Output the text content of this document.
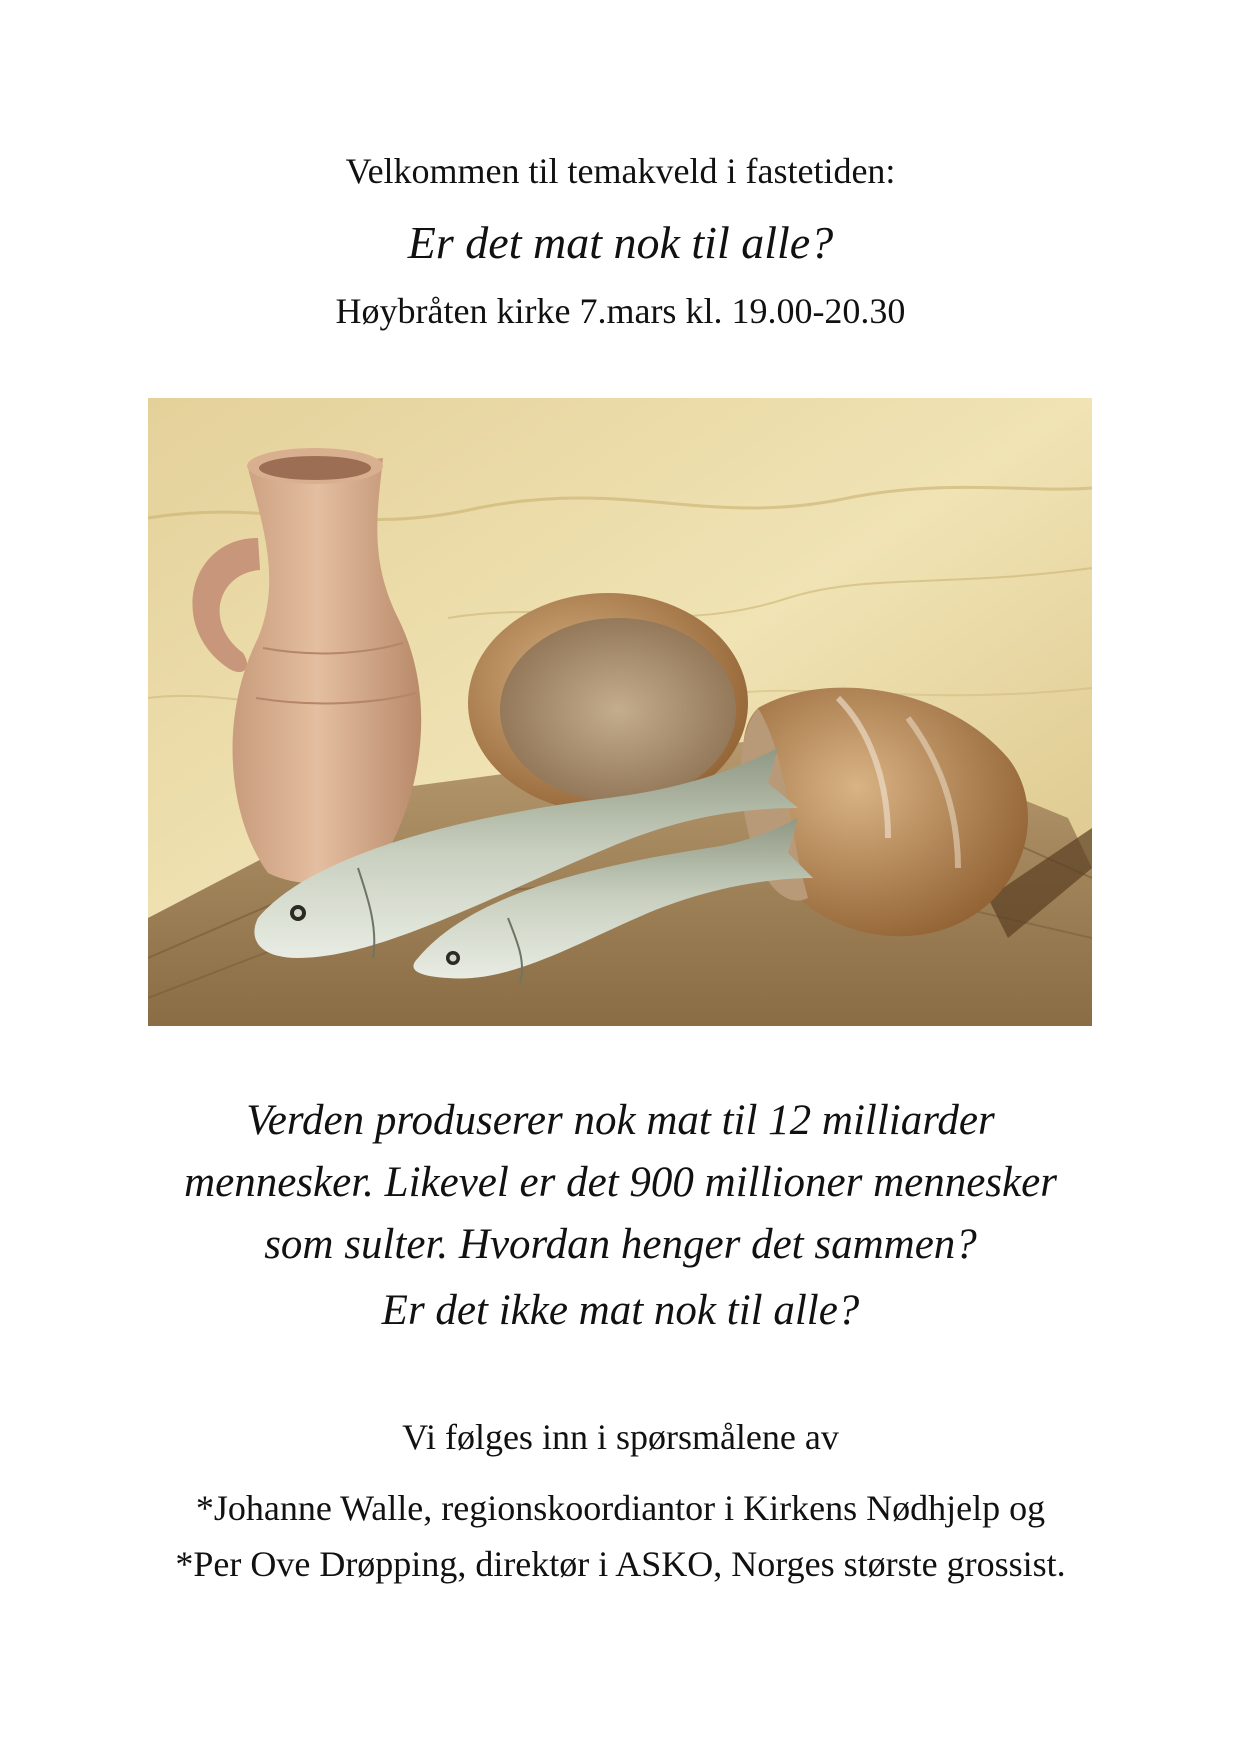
Velkommen til temakveld i fastetiden:

Er det mat nok til alle?

Høybråten kirke 7.mars kl. 19.00-20.30

Verden produserer nok mat til 12 milliarder
mennesker. Likevel er det 900 millioner mennesker
som sulter. Hvordan henger det sammen?

Er det ikke mat nok til alle?

Vi følges inn i spørsmålene av

*Johanne Walle, regionskoordiantor i Kirkens Nødhjelp og
*Per Ove Drøpping, direktør i ASKO, Norges største grossist.
